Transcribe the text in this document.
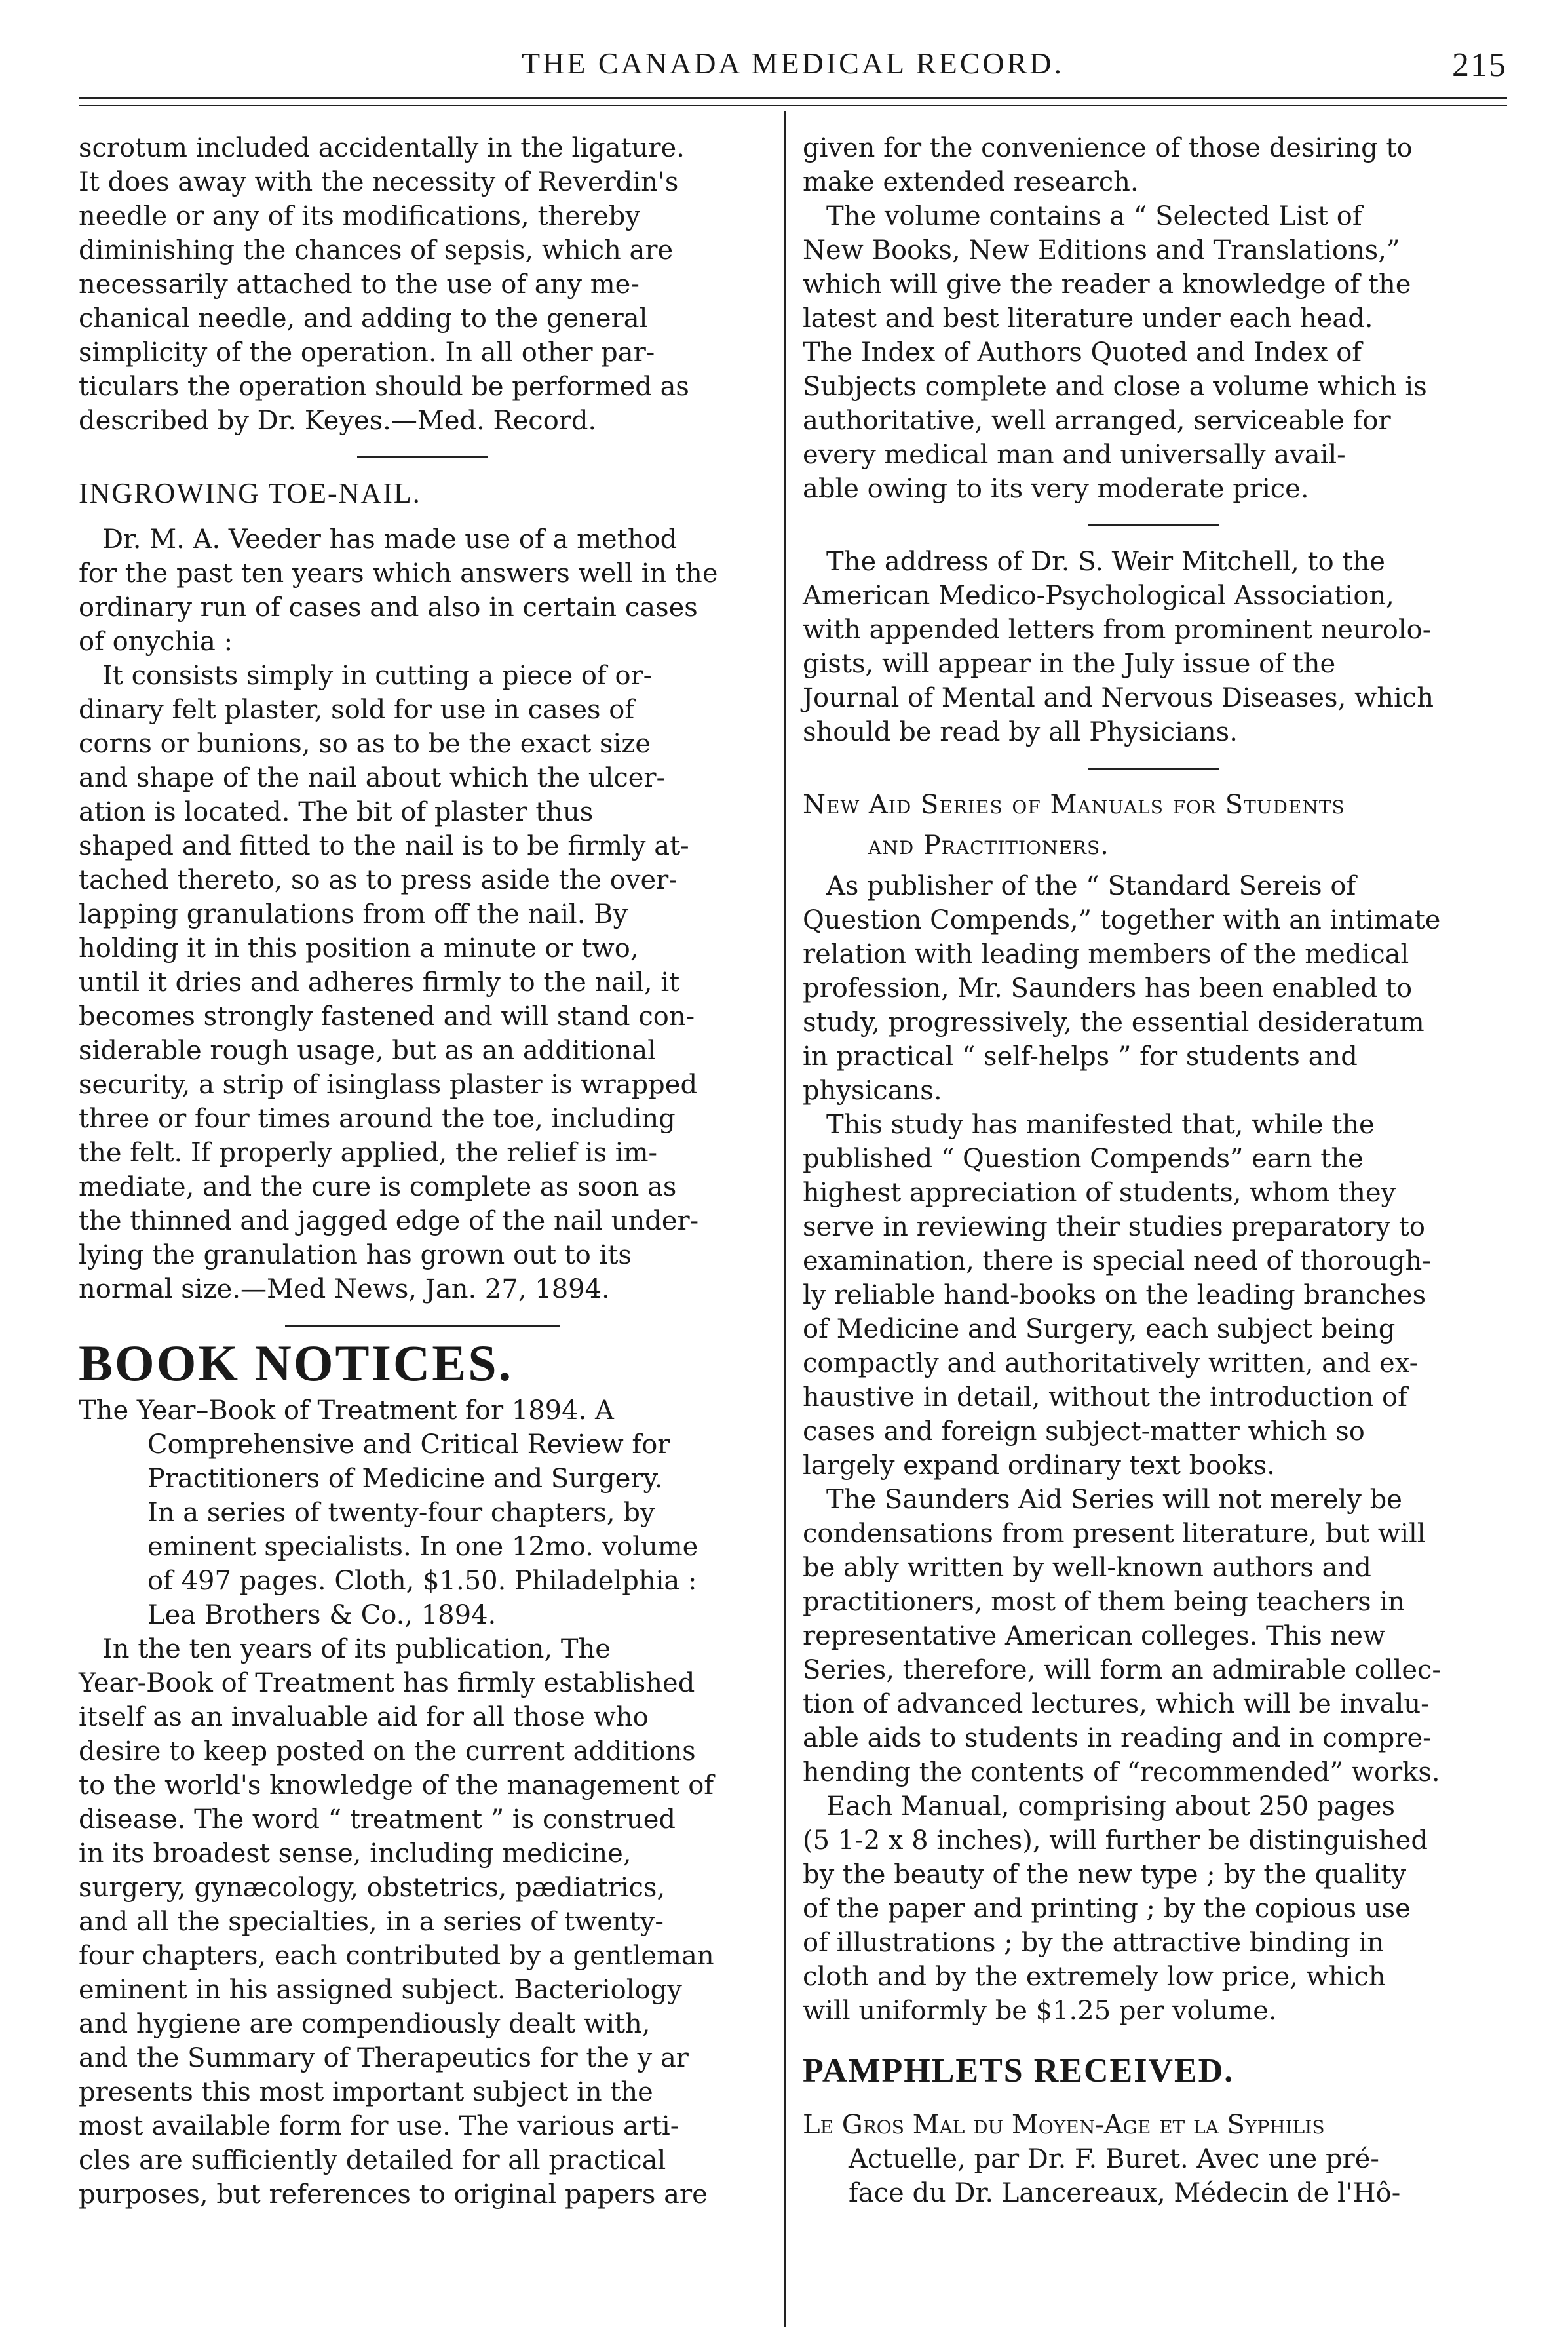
THE CANADA MEDICAL RECORD.	215

scrotum included accidentally in the ligature.

It does away with the necessity of Reverdin's

needle or any of its modifications, thereby

diminishing the chances of sepsis, which are

necessarily attached to the use of any me-

chanical needle, and adding to the general

simplicity of the operation. In all other par-

ticulars the operation should be performed as

described by Dr. Keyes.—Med. Record.

INGROWING TOE-NAIL.

Dr. M. A. Veeder has made use of a method

for the past ten years which answers well in the

ordinary run of cases and also in certain cases

of onychia :

It consists simply in cutting a piece of or-

dinary felt plaster, sold for use in cases of

corns or bunions, so as to be the exact size

and shape of the nail about which the ulcer-

ation is located. The bit of plaster thus

shaped and fitted to the nail is to be firmly at-

tached thereto, so as to press aside the over-

lapping granulations from off the nail. By

holding it in this position a minute or two,

until it dries and adheres firmly to the nail, it

becomes strongly fastened and will stand con-

siderable rough usage, but as an additional

security, a strip of isinglass plaster is wrapped

three or four times around the toe, including

the felt. If properly applied, the relief is im-

mediate, and the cure is complete as soon as

the thinned and jagged edge of the nail under-

lying the granulation has grown out to its

normal size.—Med News, Jan. 27, 1894.

BOOK NOTICES.

The Year–Book of Treatment for 1894. A

Comprehensive and Critical Review for

Practitioners of Medicine and Surgery.

In a series of twenty-four chapters, by

eminent specialists. In one 12mo. volume

of 497 pages. Cloth, $1.50. Philadelphia :

Lea Brothers & Co., 1894.

In the ten years of its publication, The

Year-Book of Treatment has firmly established

itself as an invaluable aid for all those who

desire to keep posted on the current additions

to the world's knowledge of the management of

disease. The word “ treatment ” is construed

in its broadest sense, including medicine,

surgery, gynæcology, obstetrics, pædiatrics,

and all the specialties, in a series of twenty-

four chapters, each contributed by a gentleman

eminent in his assigned subject. Bacteriology

and hygiene are compendiously dealt with,

and the Summary of Therapeutics for the y ar

presents this most important subject in the

most available form for use. The various arti-

cles are sufficiently detailed for all practical

purposes, but references to original papers are

given for the convenience of those desiring to

make extended research.

The volume contains a “ Selected List of

New Books, New Editions and Translations,”

which will give the reader a knowledge of the

latest and best literature under each head.

The Index of Authors Quoted and Index of

Subjects complete and close a volume which is

authoritative, well arranged, serviceable for

every medical man and universally avail-

able owing to its very moderate price.

The address of Dr. S. Weir Mitchell, to the

American Medico-Psychological Association,

with appended letters from prominent neurolo-

gists, will appear in the July issue of the

Journal of Mental and Nervous Diseases, which

should be read by all Physicians.

New Aid Series of Manuals for Students

and Practitioners.

As publisher of the “ Standard Sereis of

Question Compends,” together with an intimate

relation with leading members of the medical

profession, Mr. Saunders has been enabled to

study, progressively, the essential desideratum

in practical “ self-helps ” for students and

physicans.

This study has manifested that, while the

published “ Question Compends” earn the

highest appreciation of students, whom they

serve in reviewing their studies preparatory to

examination, there is special need of thorough-

ly reliable hand-books on the leading branches

of Medicine and Surgery, each subject being

compactly and authoritatively written, and ex-

haustive in detail, without the introduction of

cases and foreign subject-matter which so

largely expand ordinary text books.

The Saunders Aid Series will not merely be

condensations from present literature, but will

be ably written by well-known authors and

practitioners, most of them being teachers in

representative American colleges. This new

Series, therefore, will form an admirable collec-

tion of advanced lectures, which will be invalu-

able aids to students in reading and in compre-

hending the contents of “recommended” works.

Each Manual, comprising about 250 pages

(5 1-2 x 8 inches), will further be distinguished

by the beauty of the new type ; by the quality

of the paper and printing ; by the copious use

of illustrations ; by the attractive binding in

cloth and by the extremely low price, which

will uniformly be $1.25 per volume.

PAMPHLETS RECEIVED.

Le Gros Mal du Moyen-Age et la Syphilis

Actuelle, par Dr. F. Buret. Avec une pré-

face du Dr. Lancereaux, Médecin de l'Hô-
